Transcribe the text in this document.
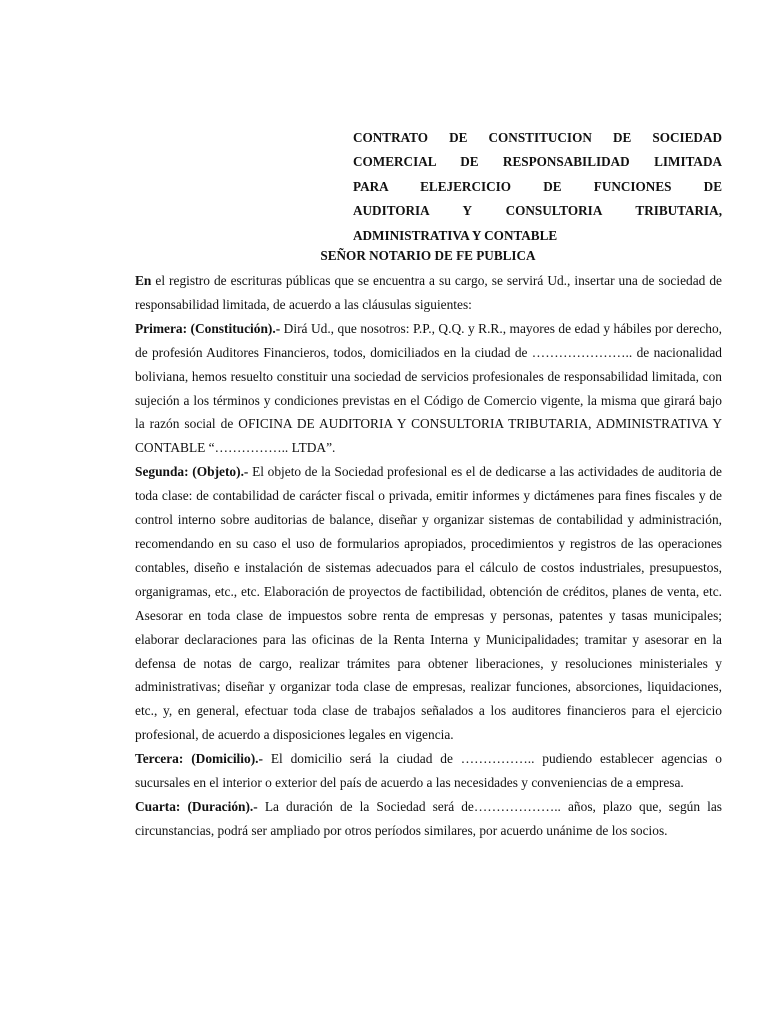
CONTRATO DE CONSTITUCION DE SOCIEDAD
COMERCIAL DE RESPONSABILIDAD LIMITADA
PARA ELEJERCICIO DE FUNCIONES DE
AUDITORIA Y CONSULTORIA TRIBUTARIA,
ADMINISTRATIVA Y CONTABLE
SEÑOR NOTARIO DE FE PUBLICA

En el registro de escrituras públicas que se encuentra a su cargo, se servirá Ud., insertar una de sociedad de responsabilidad limitada, de acuerdo a las cláusulas siguientes:

Primera: (Constitución).- Dirá Ud., que nosotros: P.P., Q.Q. y R.R., mayores de edad y hábiles por derecho, de profesión Auditores Financieros, todos, domiciliados en la ciudad de ………………….. de nacionalidad boliviana, hemos resuelto constituir una sociedad de servicios profesionales de responsabilidad limitada, con sujeción a los términos y condiciones previstas en el Código de Comercio vigente, la misma que girará bajo la razón social de OFICINA DE AUDITORIA Y CONSULTORIA TRIBUTARIA, ADMINISTRATIVA Y CONTABLE “…………….. LTDA”.

Segunda: (Objeto).- El objeto de la Sociedad profesional es el de dedicarse a las actividades de auditoria de toda clase: de contabilidad de carácter fiscal o privada, emitir informes y dictámenes para fines fiscales y de control interno sobre auditorias de balance, diseñar y organizar sistemas de contabilidad y administración, recomendando en su caso el uso de formularios apropiados, procedimientos y registros de las operaciones contables, diseño e instalación de sistemas adecuados para el cálculo de costos industriales, presupuestos, organigramas, etc., etc. Elaboración de proyectos de factibilidad, obtención de créditos, planes de venta, etc. Asesorar en toda clase de impuestos sobre renta de empresas y personas, patentes y tasas municipales; elaborar declaraciones para las oficinas de la Renta Interna y Municipalidades; tramitar y asesorar en la defensa de notas de cargo, realizar trámites para obtener liberaciones, y resoluciones ministeriales y administrativas; diseñar y organizar toda clase de empresas, realizar funciones, absorciones, liquidaciones, etc., y, en general, efectuar toda clase de trabajos señalados a los auditores financieros para el ejercicio profesional, de acuerdo a disposiciones legales en vigencia.

Tercera: (Domicilio).- El domicilio será la ciudad de …………….. pudiendo establecer agencias o sucursales en el interior o exterior del país de acuerdo a las necesidades y conveniencias de a empresa.

Cuarta: (Duración).- La duración de la Sociedad será de……………….. años, plazo que, según las circunstancias, podrá ser ampliado por otros períodos similares, por acuerdo unánime de los socios.
